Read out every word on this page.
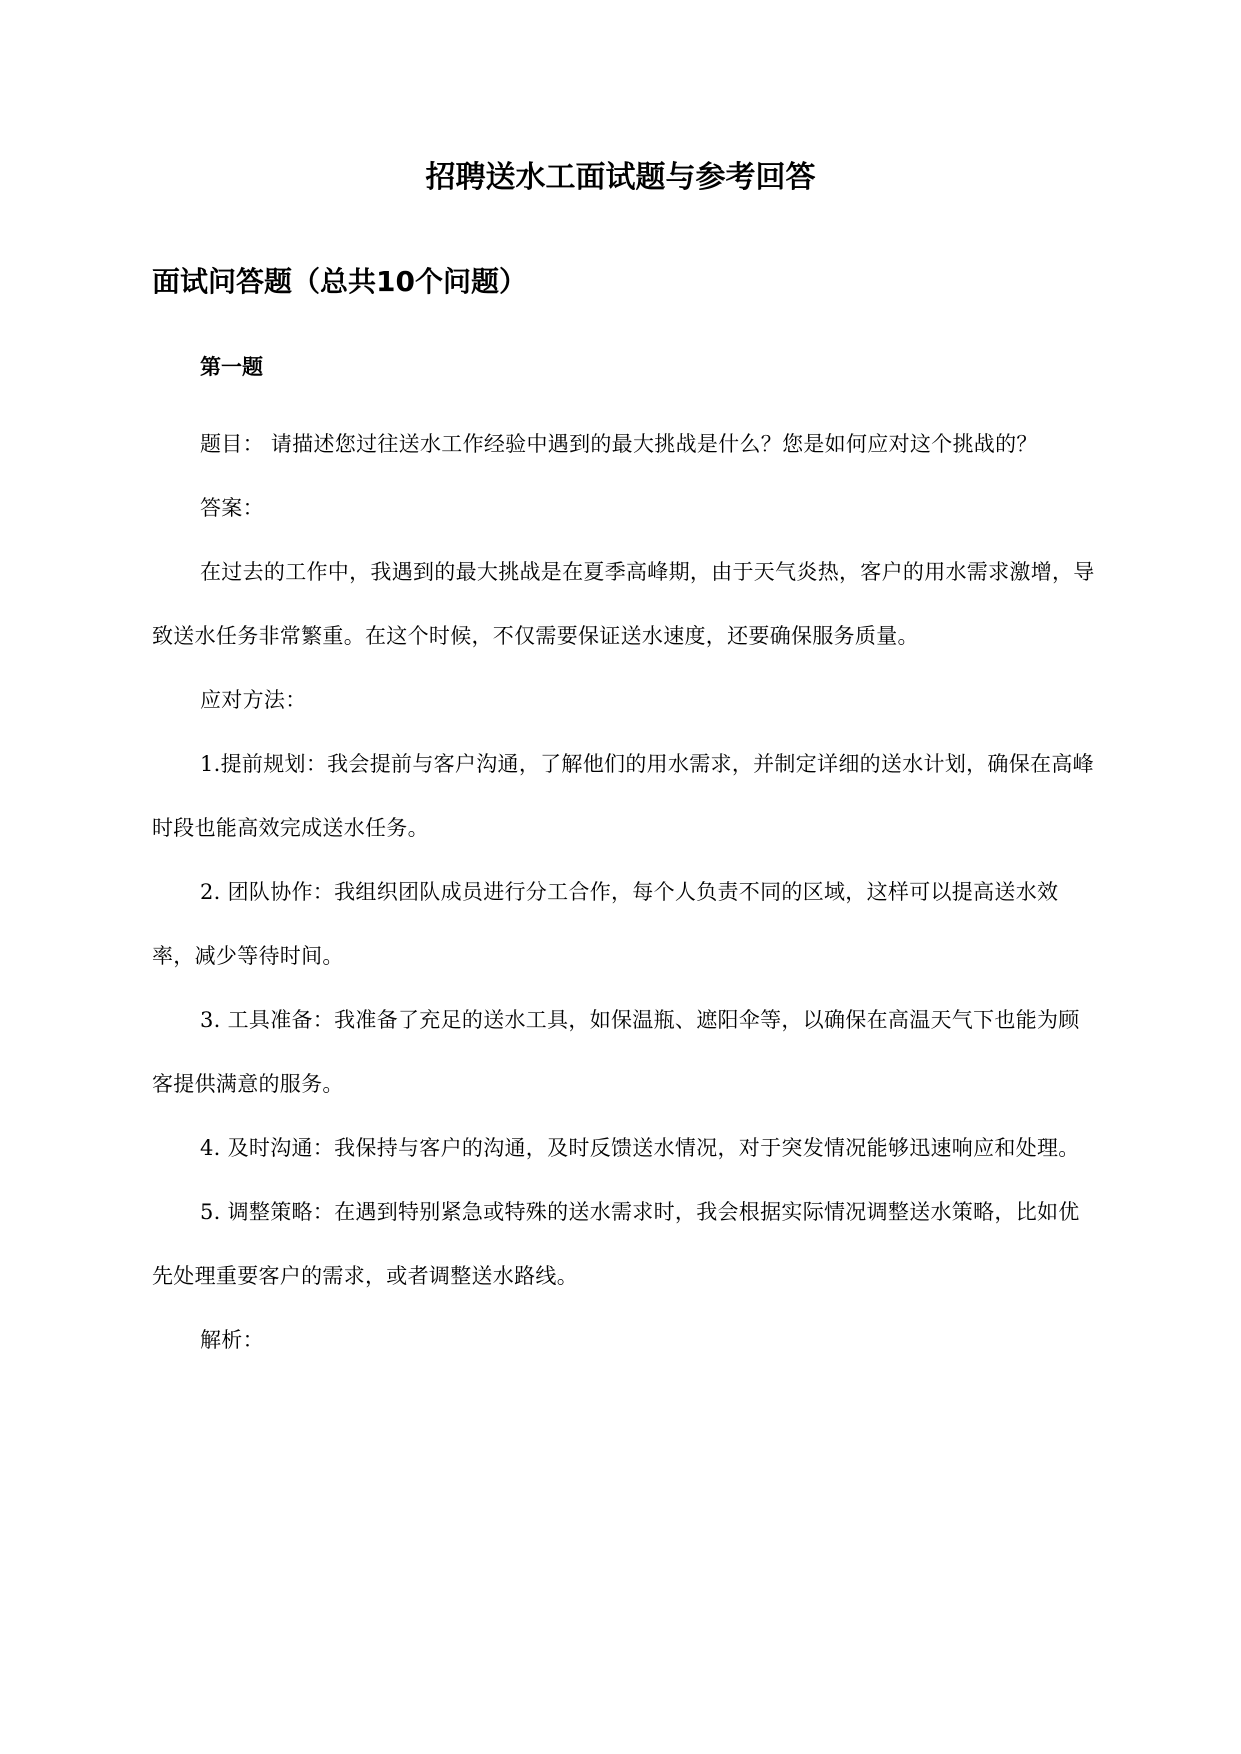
招聘送水工面试题与参考回答
面试问答题（总共10个问题）

第一题

题目： 请描述您过往送水工作经验中遇到的最大挑战是什么？您是如何应对这个挑战的？

答案：

在过去的工作中，我遇到的最大挑战是在夏季高峰期，由于天气炎热，客户的用水需求激增，导致送水任务非常繁重。在这个时候，不仅需要保证送水速度，还要确保服务质量。

应对方法：

1.提前规划：我会提前与客户沟通，了解他们的用水需求，并制定详细的送水计划，确保在高峰时段也能高效完成送水任务。

2. 团队协作：我组织团队成员进行分工合作，每个人负责不同的区域，这样可以提高送水效率，减少等待时间。

3. 工具准备：我准备了充足的送水工具，如保温瓶、遮阳伞等，以确保在高温天气下也能为顾客提供满意的服务。

4. 及时沟通：我保持与客户的沟通，及时反馈送水情况，对于突发情况能够迅速响应和处理。

5. 调整策略：在遇到特别紧急或特殊的送水需求时，我会根据实际情况调整送水策略，比如优先处理重要客户的需求，或者调整送水路线。

解析：
